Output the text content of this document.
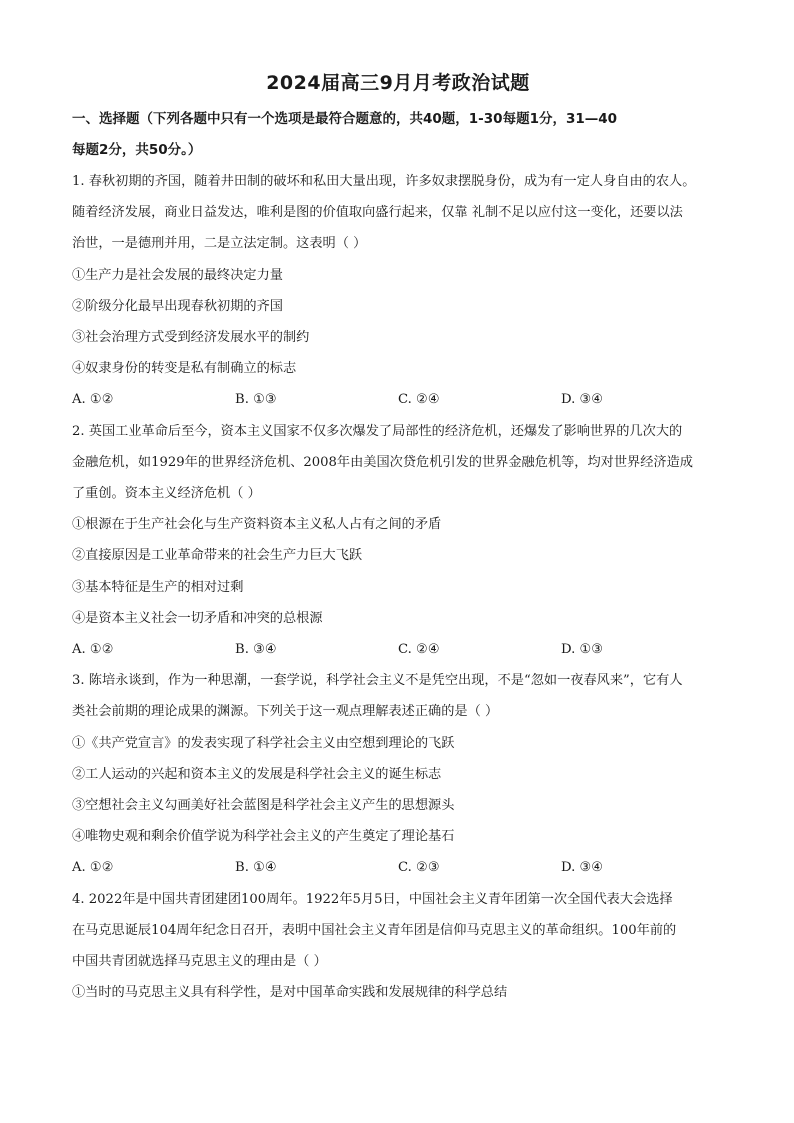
2024届高三9月月考政治试题

一、选择题（下列各题中只有一个选项是最符合题意的，共40题，1-30每题1分，31—40

每题2分，共50分。）

1. 春秋初期的齐国，随着井田制的破坏和私田大量出现，许多奴隶摆脱身份，成为有一定人身自由的农人。

随着经济发展，商业日益发达，唯利是图的价值取向盛行起来，仅靠 礼制不足以应付这一变化，还要以法

治世，一是德刑并用，二是立法定制。这表明（ ）

①生产力是社会发展的最终决定力量

②阶级分化最早出现春秋初期的齐国

③社会治理方式受到经济发展水平的制约

④奴隶身份的转变是私有制确立的标志

A. ①②	B. ①③	C. ②④	D. ③④

2. 英国工业革命后至今，资本主义国家不仅多次爆发了局部性的经济危机，还爆发了影响世界的几次大的

金融危机，如1929年的世界经济危机、2008年由美国次贷危机引发的世界金融危机等，均对世界经济造成

了重创。资本主义经济危机（ ）

①根源在于生产社会化与生产资料资本主义私人占有之间的矛盾

②直接原因是工业革命带来的社会生产力巨大飞跃

③基本特征是生产的相对过剩

④是资本主义社会一切矛盾和冲突的总根源

A. ①②	B. ③④	C. ②④	D. ①③

3. 陈培永谈到，作为一种思潮，一套学说，科学社会主义不是凭空出现，不是“忽如一夜春风来”，它有人

类社会前期的理论成果的渊源。下列关于这一观点理解表述正确的是（ ）

①《共产党宣言》的发表实现了科学社会主义由空想到理论的飞跃

②工人运动的兴起和资本主义的发展是科学社会主义的诞生标志

③空想社会主义勾画美好社会蓝图是科学社会主义产生的思想源头

④唯物史观和剩余价值学说为科学社会主义的产生奠定了理论基石

A. ①②	B. ①④	C. ②③	D. ③④

4. 2022年是中国共青团建团100周年。1922年5月5日，中国社会主义青年团第一次全国代表大会选择

在马克思诞辰104周年纪念日召开，表明中国社会主义青年团是信仰马克思主义的革命组织。100年前的

中国共青团就选择马克思主义的理由是（ ）

①当时的马克思主义具有科学性，是对中国革命实践和发展规律的科学总结
